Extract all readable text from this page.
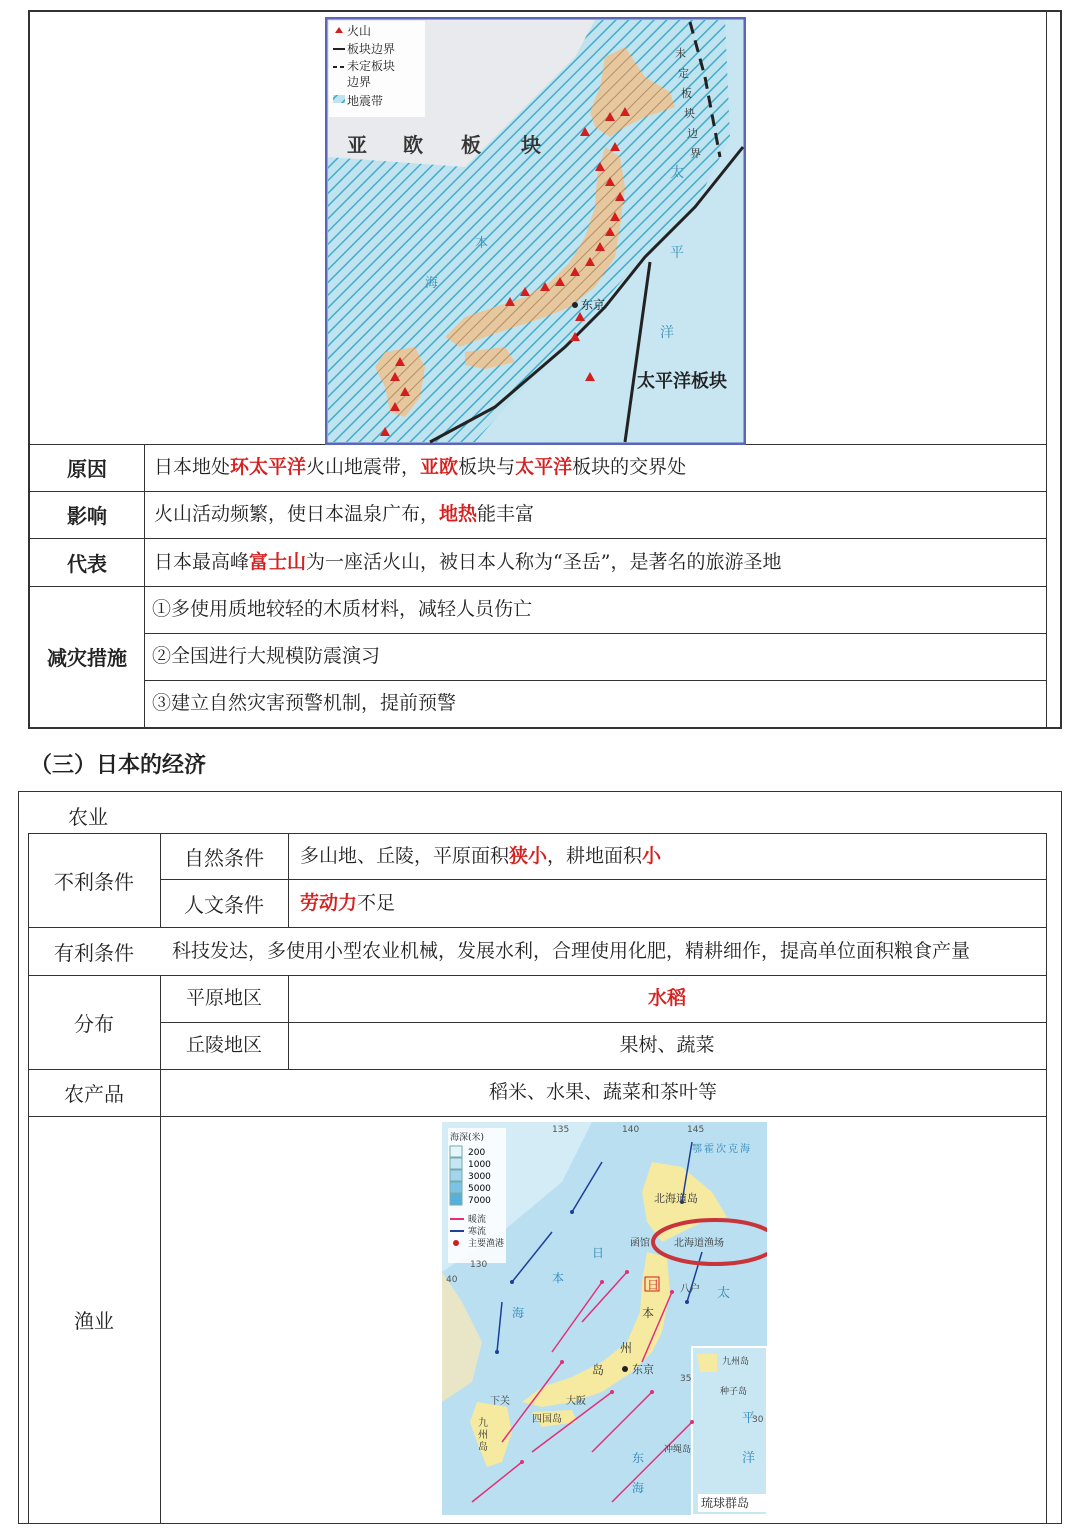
火山
板块边界
未定板块
边界
地震带
亚 欧 板 块
太平洋板块
东京
本
海
太
平
洋
未
定
板
块
边
界
原因	日本地处 环太平洋 火山地震带， 亚欧 板块与 太平洋 板块的交界处
影响	火山活动频繁，使日本温泉广布， 地热 能丰富
代表	日本最高峰 富士山 为一座活火山，被日本人称为“圣岳”，是著名的旅游圣地
减灾措施
①多使用质地较轻的木质材料，减轻人员伤亡
②全国进行大规模防震演习
③建立自然灾害预警机制，提前预警
（三）日本的经济
农业
不利条件
自然条件	多山地、丘陵，平原面积 狭小 ，耕地面积 小
人文条件	劳动力 不足
有利条件	科技发达，多使用小型农业机械，发展水利，合理使用化肥，精耕细作，提高单位面积粮食产量
分布
平原地区	水稻
丘陵地区	果树、蔬菜
农产品	稻米、水果、蔬菜和茶叶等
渔业
海深(米)
200
1000
3000
5000
7000
暖流
寒流
主要渔港
135	140	145
130
40
35
30
北海道岛
北海道渔场
函馆
八户
日
本
州
岛	东京
大阪
下关
四国岛
九
州
岛
九州岛
种子岛
冲绳岛
琉球群岛
日
本
海
鄂 霍 次 克 海
太
平
洋
东
海
